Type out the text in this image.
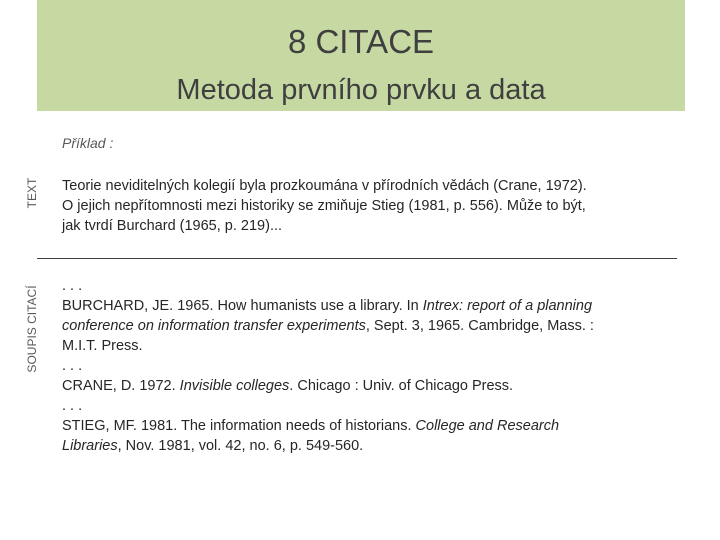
8 CITACE
Metoda prvního prvku a data
Příklad :
TEXT
SOUPIS CITACÍ
Teorie neviditelných kolegií byla prozkoumána v přírodních vědách (Crane, 1972).
O jejich nepřítomnosti mezi historiky se zmiňuje Stieg (1981, p. 556). Může to být,
jak tvrdí Burchard (1965, p. 219)...
. . .
BURCHARD, JE. 1965. How humanists use a library. In Intrex: report of a planning
conference on information transfer experiments, Sept. 3, 1965. Cambridge, Mass. :
M.I.T. Press.
. . .
CRANE, D. 1972. Invisible colleges. Chicago : Univ. of Chicago Press.
. . .
STIEG, MF. 1981. The information needs of historians. College and Research
Libraries, Nov. 1981, vol. 42, no. 6, p. 549-560.
